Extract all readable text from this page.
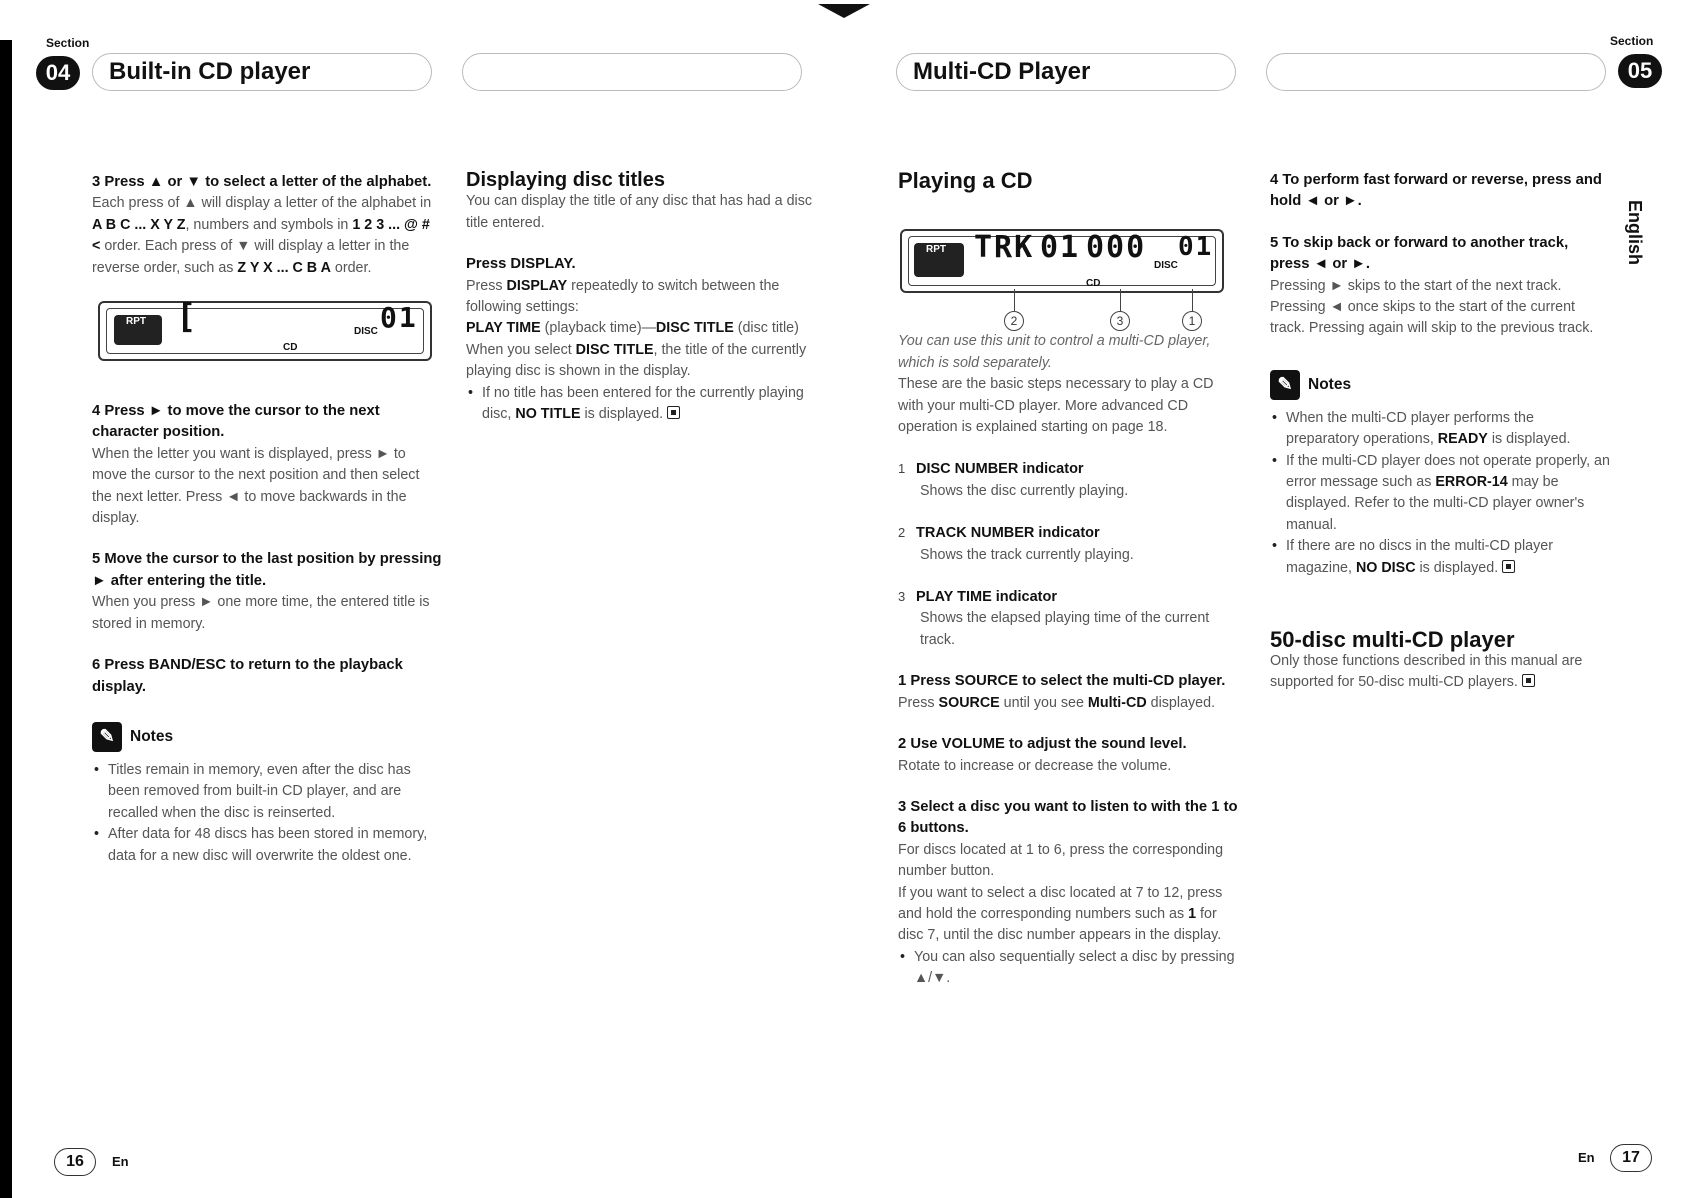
Section
04	Built-in CD player	Multi-CD Player
Section
05
English

3 Press ▲ or ▼ to select a letter of the alphabet.

Each press of ▲ will display a letter of the alphabet in A B C ... X Y Z, numbers and symbols in 1 2 3 ... @ # < order. Each press of ▼ will display a letter in the reverse order, such as Z Y X ... C B A order.

RPT [
CD
DISC 01

4 Press ► to move the cursor to the next character position.

When the letter you want is displayed, press ► to move the cursor to the next position and then select the next letter. Press ◄ to move backwards in the display.

5 Move the cursor to the last position by pressing ► after entering the title.

When you press ► one more time, the entered title is stored in memory.

6 Press BAND/ESC to return to the playback display.

✎ Notes
• Titles remain in memory, even after the disc has been removed from built-in CD player, and are recalled when the disc is reinserted.
• After data for 48 discs has been stored in memory, data for a new disc will overwrite the oldest one.

Displaying disc titles

You can display the title of any disc that has had a disc title entered.

Press DISPLAY.

Press DISPLAY repeatedly to switch between the following settings:

PLAY TIME (playback time)—DISC TITLE (disc title)

When you select DISC TITLE, the title of the currently playing disc is shown in the display.

• If no title has been entered for the currently playing disc, NO TITLE is displayed.

Playing a CD

RPT TRK 01 000
CD
DISC
01
2	3	1

You can use this unit to control a multi-CD player, which is sold separately.

These are the basic steps necessary to play a CD with your multi-CD player. More advanced CD operation is explained starting on page 18.

1 DISC NUMBER indicator

Shows the disc currently playing.

2 TRACK NUMBER indicator

Shows the track currently playing.

3 PLAY TIME indicator

Shows the elapsed playing time of the current track.

1 Press SOURCE to select the multi-CD player.

Press SOURCE until you see Multi-CD displayed.

2 Use VOLUME to adjust the sound level.

Rotate to increase or decrease the volume.

3 Select a disc you want to listen to with the 1 to 6 buttons.

For discs located at 1 to 6, press the corresponding number button.

If you want to select a disc located at 7 to 12, press and hold the corresponding numbers such as 1 for disc 7, until the disc number appears in the display.

• You can also sequentially select a disc by pressing ▲/▼.

4 To perform fast forward or reverse, press and hold ◄ or ►.

5 To skip back or forward to another track, press ◄ or ►.

Pressing ► skips to the start of the next track. Pressing ◄ once skips to the start of the current track. Pressing again will skip to the previous track.

✎ Notes
• When the multi-CD player performs the preparatory operations, READY is displayed.
• If the multi-CD player does not operate properly, an error message such as ERROR-14 may be displayed. Refer to the multi-CD player owner's manual.
• If there are no discs in the multi-CD player magazine, NO DISC is displayed.

50-disc multi-CD player

Only those functions described in this manual are supported for 50-disc multi-CD players.

16	En	En	17
